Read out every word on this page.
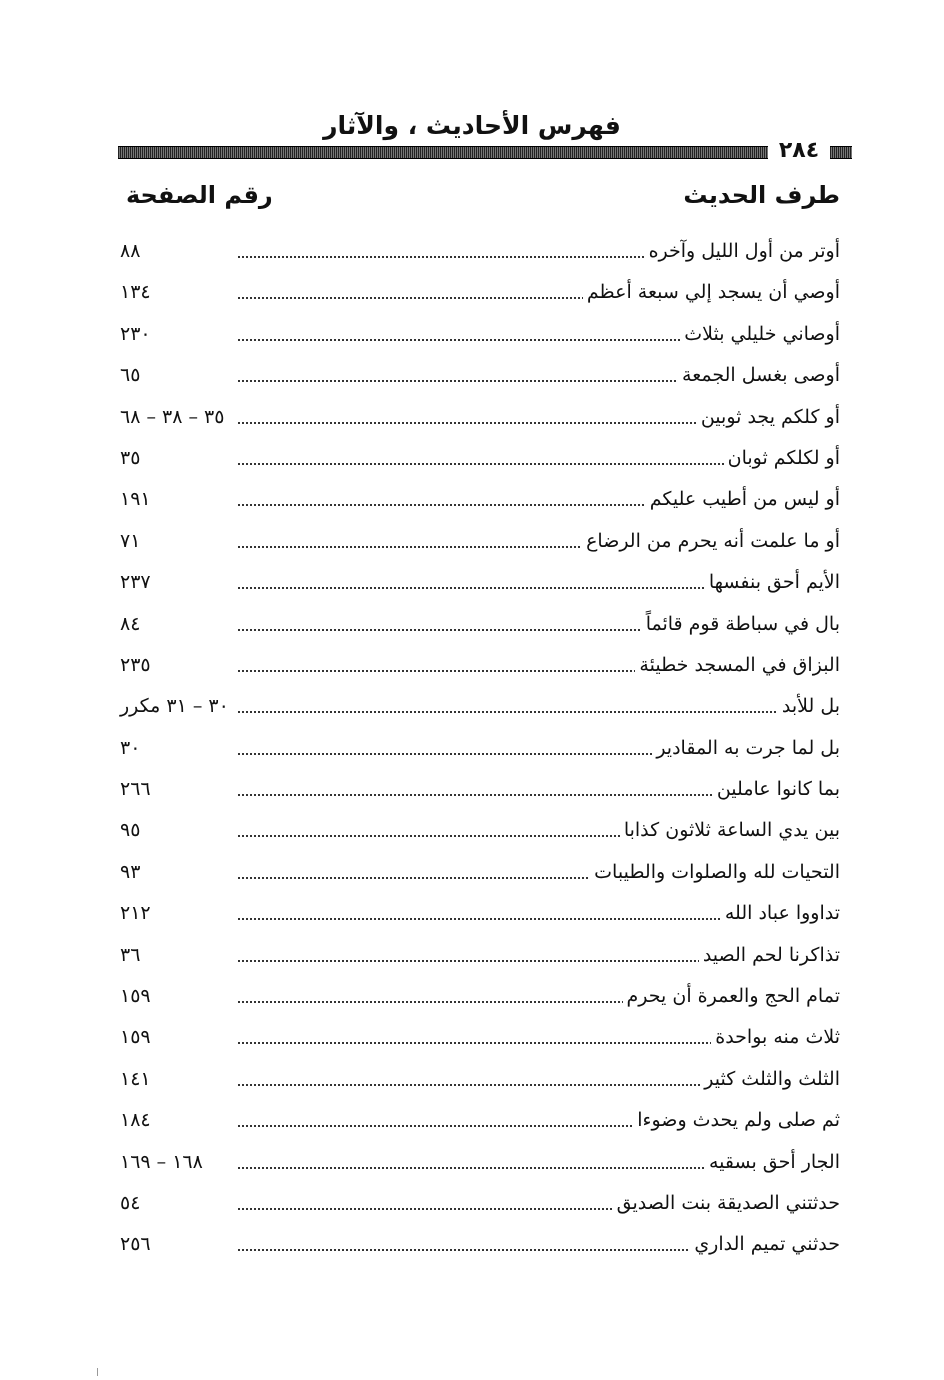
فهرس الأحاديث ، والآثار
٢٨٤
طرف الحديث
رقم الصفحة
أوتر من أول الليل وآخره
٨٨
أوصي أن يسجد إلي سبعة أعظم
١٣٤
أوصاني خليلي بثلاث
٢٣٠
أوصى بغسل الجمعة
٦٥
أو كلكم يجد ثوبين
٣٥ – ٣٨ – ٦٨
أو لكلكم ثوبان
٣٥
أو ليس من أطيب عليكم
١٩١
أو ما علمت أنه يحرم من الرضاع
٧١
الأيم أحق بنفسها
٢٣٧
بال في سباطة قوم قائماً
٨٤
البزاق في المسجد خطيئة
٢٣٥
بل للأبد
٣٠ – ٣١ مكرر
بل لما جرت به المقادير
٣٠
بما كانوا عاملين
٢٦٦
بين يدي الساعة ثلاثون كذابا
٩٥
التحيات لله والصلوات والطيبات
٩٣
تداووا عباد الله
٢١٢
تذاكرنا لحم الصيد
٣٦
تمام الحج والعمرة أن يحرم
١٥٩
ثلاث منه بواحدة
١٥٩
الثلث والثلث كثير
١٤١
ثم صلى ولم يحدث وضوءا
١٨٤
الجار أحق بسقيه
١٦٨ – ١٦٩
حدثتني الصديقة بنت الصديق
٥٤
حدثني تميم الداري
٢٥٦
